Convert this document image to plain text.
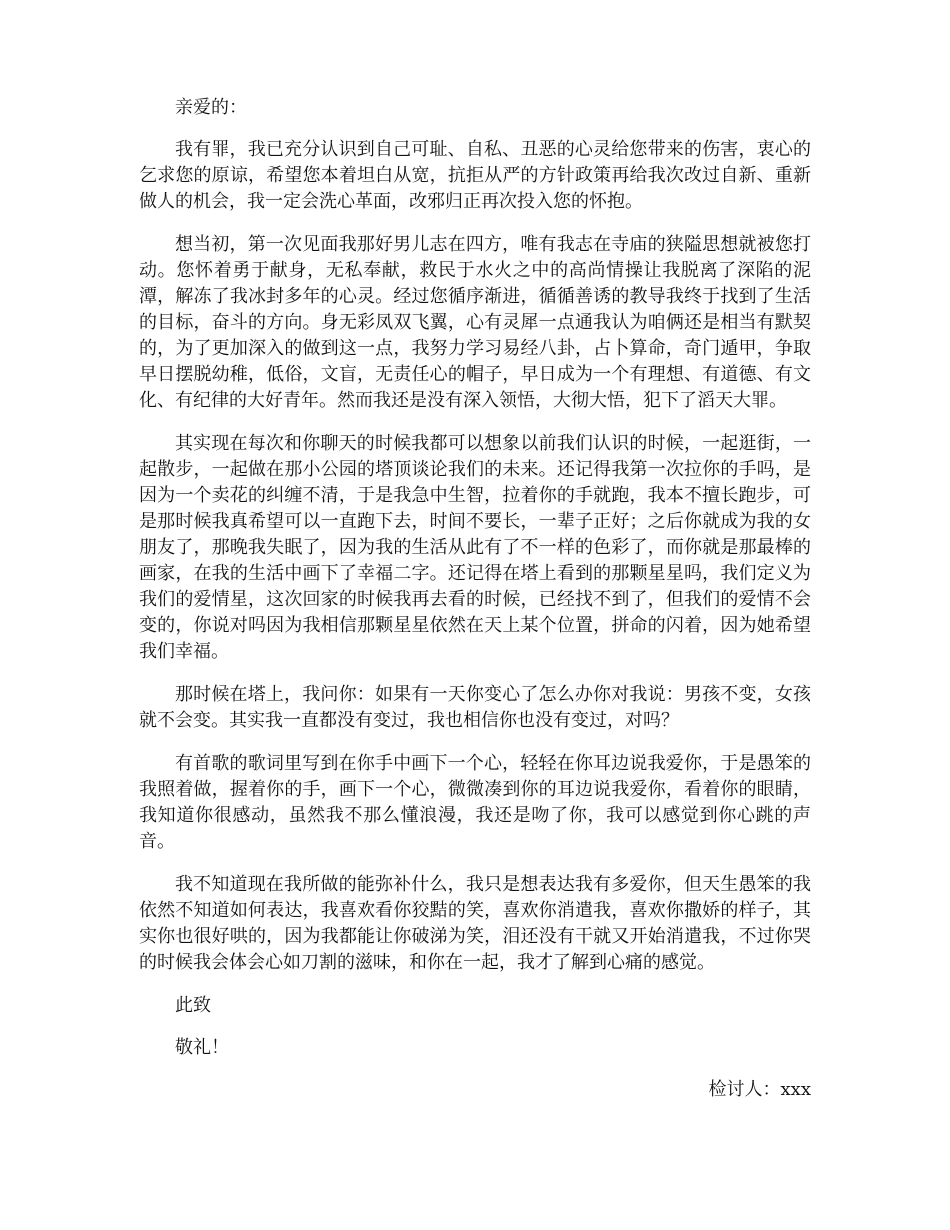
亲爱的：

我有罪，我已充分认识到自己可耻、自私、丑恶的心灵给您带来的伤害，衷心的乞求您的原谅，希望您本着坦白从宽，抗拒从严的方针政策再给我次改过自新、重新做人的机会，我一定会洗心革面，改邪归正再次投入您的怀抱。

想当初，第一次见面我那好男儿志在四方，唯有我志在寺庙的狭隘思想就被您打动。您怀着勇于献身，无私奉献，救民于水火之中的高尚情操让我脱离了深陷的泥潭，解冻了我冰封多年的心灵。经过您循序渐进，循循善诱的教导我终于找到了生活的目标，奋斗的方向。身无彩凤双飞翼，心有灵犀一点通我认为咱俩还是相当有默契的，为了更加深入的做到这一点，我努力学习易经八卦，占卜算命，奇门遁甲，争取早日摆脱幼稚，低俗，文盲，无责任心的帽子，早日成为一个有理想、有道德、有文化、有纪律的大好青年。然而我还是没有深入领悟，大彻大悟，犯下了滔天大罪。

其实现在每次和你聊天的时候我都可以想象以前我们认识的时候，一起逛街，一起散步，一起做在那小公园的塔顶谈论我们的未来。还记得我第一次拉你的手吗，是因为一个卖花的纠缠不清，于是我急中生智，拉着你的手就跑，我本不擅长跑步，可是那时候我真希望可以一直跑下去，时间不要长，一辈子正好；之后你就成为我的女朋友了，那晚我失眠了，因为我的生活从此有了不一样的色彩了，而你就是那最棒的画家，在我的生活中画下了幸福二字。还记得在塔上看到的那颗星星吗，我们定义为我们的爱情星，这次回家的时候我再去看的时候，已经找不到了，但我们的爱情不会变的，你说对吗因为我相信那颗星星依然在天上某个位置，拼命的闪着，因为她希望我们幸福。

那时候在塔上，我问你：如果有一天你变心了怎么办你对我说：男孩不变，女孩就不会变。其实我一直都没有变过，我也相信你也没有变过，对吗？

有首歌的歌词里写到在你手中画下一个心，轻轻在你耳边说我爱你，于是愚笨的我照着做，握着你的手，画下一个心，微微凑到你的耳边说我爱你，看着你的眼睛，我知道你很感动，虽然我不那么懂浪漫，我还是吻了你，我可以感觉到你心跳的声音。

我不知道现在我所做的能弥补什么，我只是想表达我有多爱你，但天生愚笨的我依然不知道如何表达，我喜欢看你狡黠的笑，喜欢你消遣我，喜欢你撒娇的样子，其实你也很好哄的，因为我都能让你破涕为笑，泪还没有干就又开始消遣我，不过你哭的时候我会体会心如刀割的滋味，和你在一起，我才了解到心痛的感觉。

此致

敬礼！

检讨人：xxx
